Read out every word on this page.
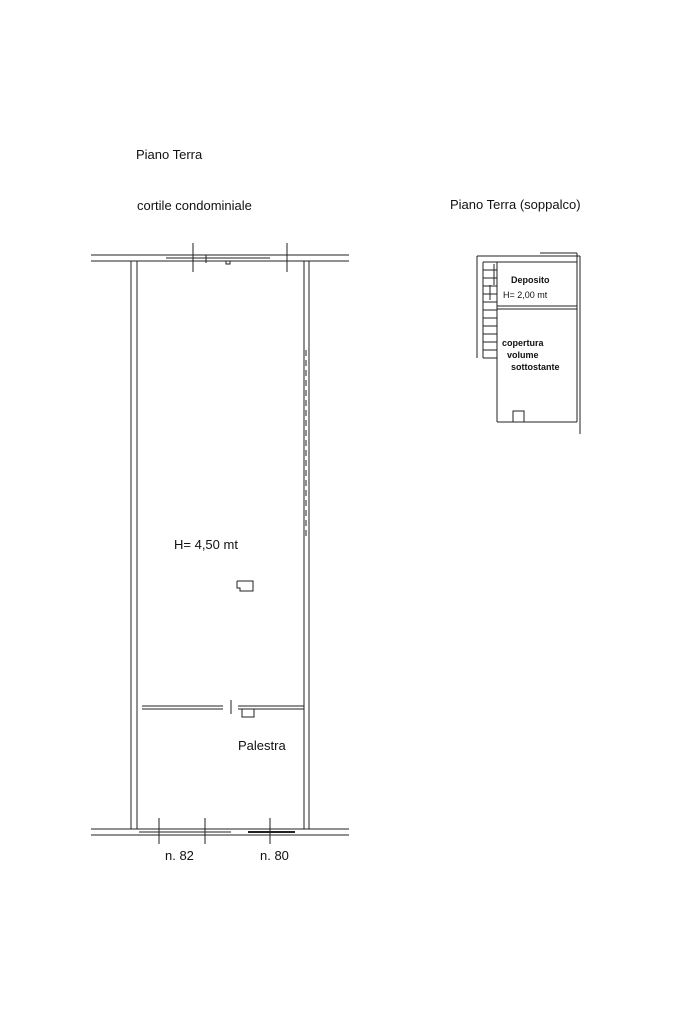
Piano Terra
cortile condominiale
H= 4,50 mt
Palestra
n. 82	n. 80
Piano Terra (soppalco)
Deposito
H= 2,00 mt
copertura
volume
sottostante
